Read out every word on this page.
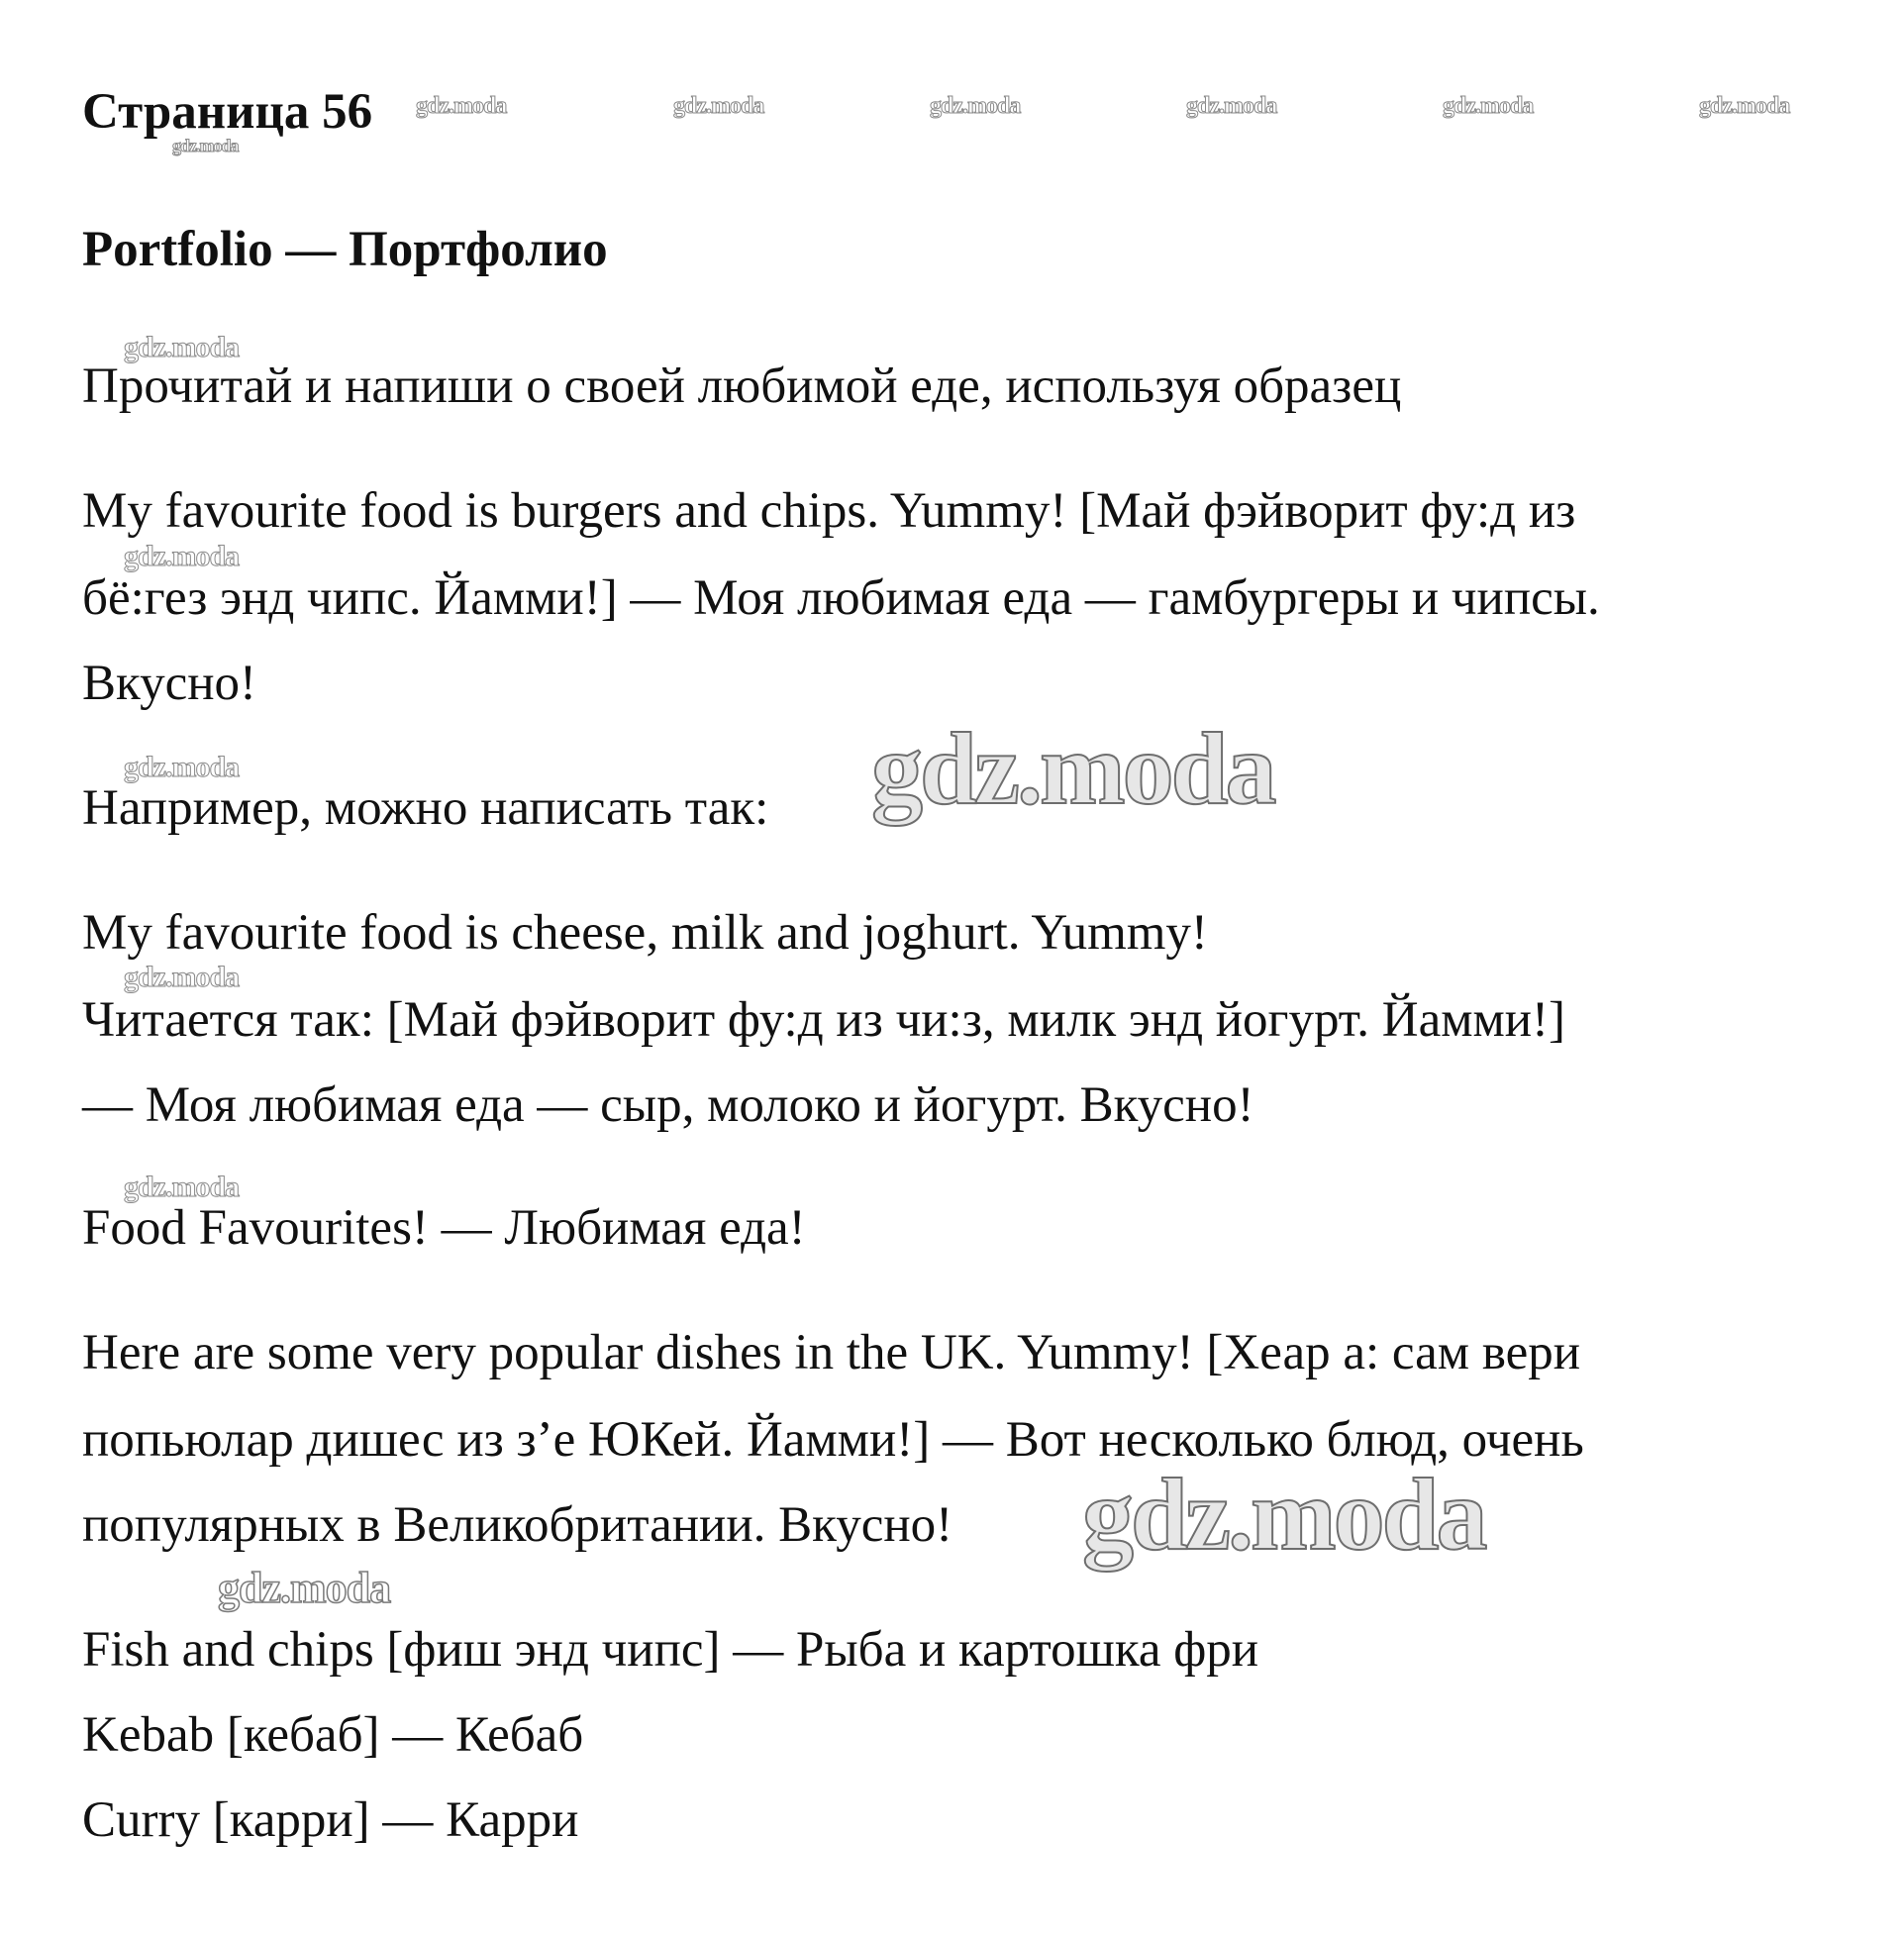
Страница 56 gdz.moda	gdz.moda	gdz.moda	gdz.moda	gdz.moda	gdz.moda
gdz.moda
Portfolio — Портфолио
gdz.moda

Прочитай и напиши о своей любимой еде, используя образец

My favourite food is burgers and chips. Yummy! [Май фэйворит фу:д из

gdz.moda

бё:гез энд чипс. Йамми!] — Моя любимая еда — гамбургеры и чипсы.

Вкусно!

gdz.moda

Например, можно написать так: gdz.moda

My favourite food is cheese, milk and joghurt. Yummy!

gdz.moda

Читается так: [Май фэйворит фу:д из чи:з, милк энд йогурт. Йамми!]

— Моя любимая еда — сыр, молоко и йогурт. Вкусно!

gdz.moda

Food Favourites! — Любимая еда!

Here are some very popular dishes in the UK. Yummy! [Хеар а: сам вери

попьюлар дишес из з’е ЮКей. Йамми!] — Вот несколько блюд, очень

популярных в Великобритании. Вкусно! gdz.moda
gdz.moda

Fish and chips [фиш энд чипс] — Рыба и картошка фри

Kebab [кебаб] — Кебаб

Curry [карри] — Карри
